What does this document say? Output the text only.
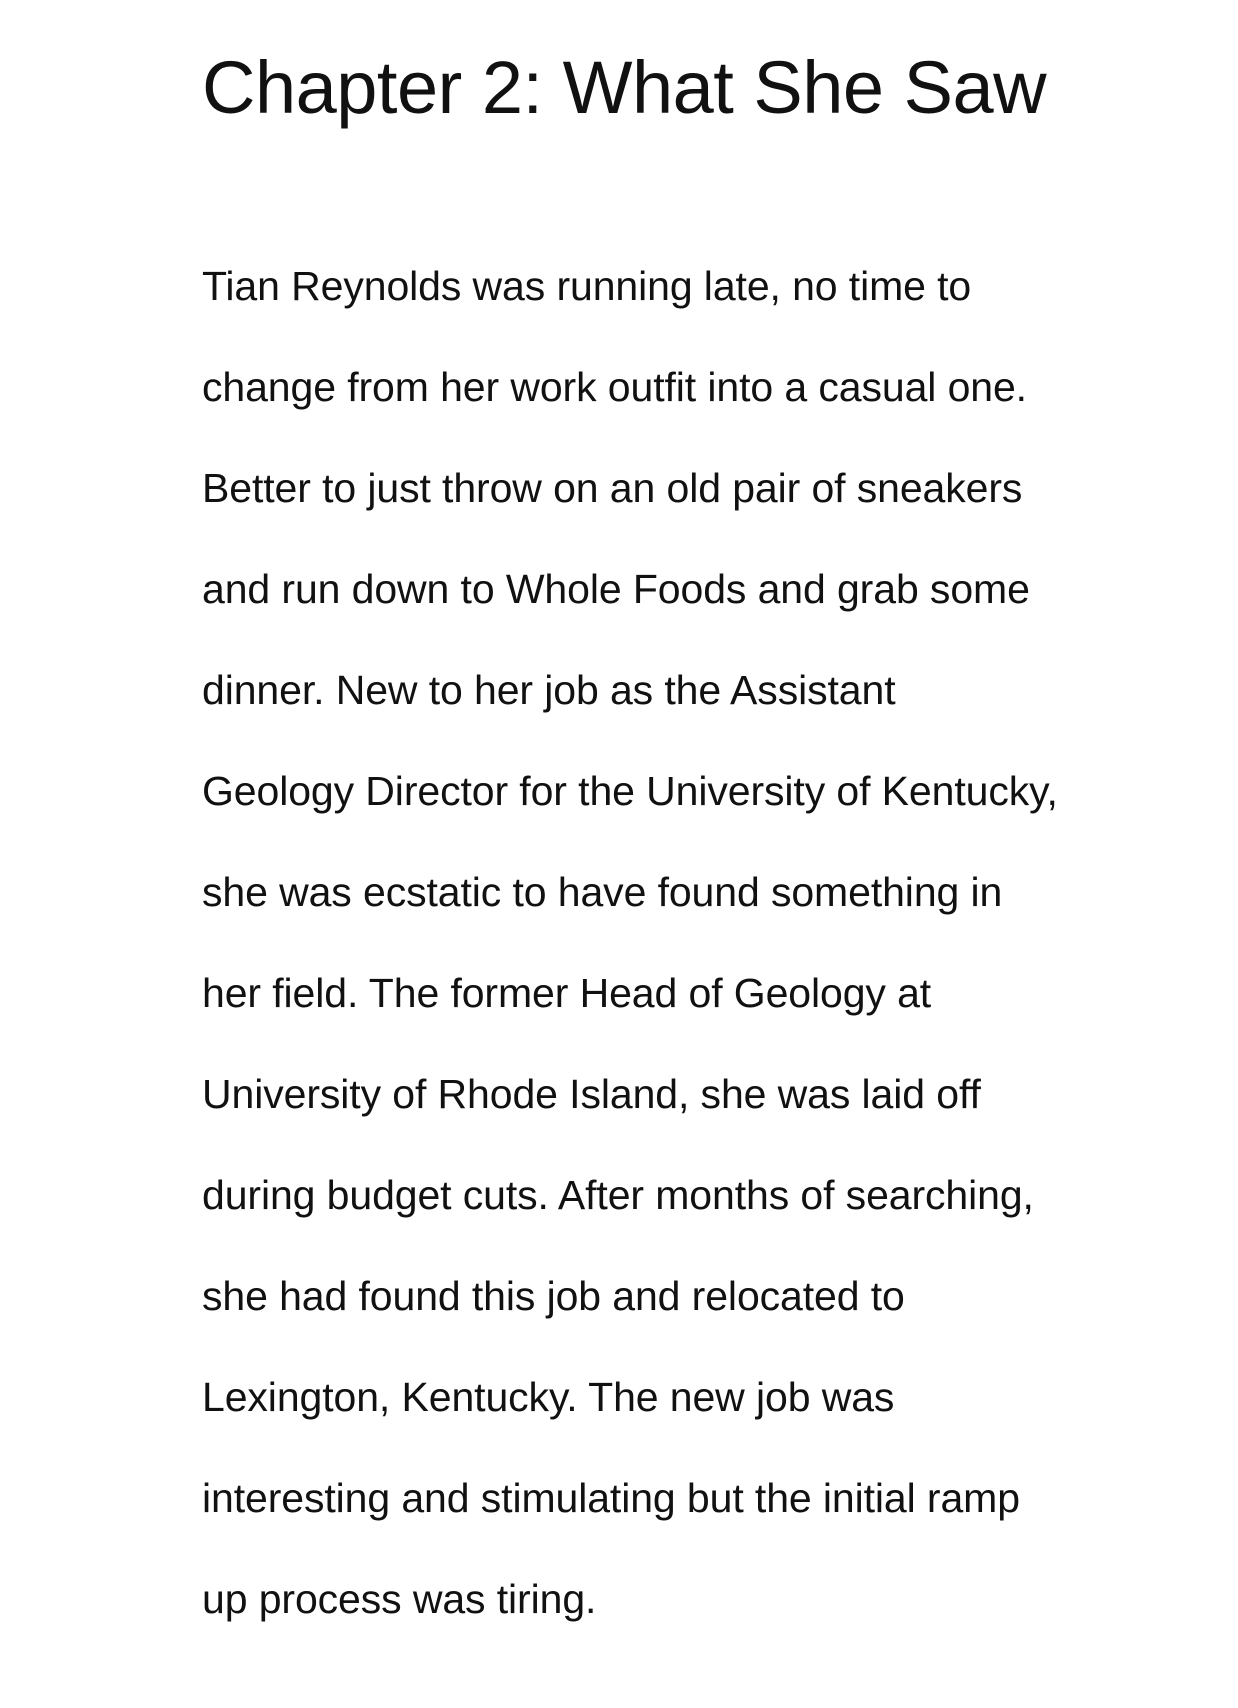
Chapter 2: What She Saw
Tian Reynolds was running late, no time to
change from her work outfit into a casual one.
Better to just throw on an old pair of sneakers
and run down to Whole Foods and grab some
dinner. New to her job as the Assistant
Geology Director for the University of Kentucky,
she was ecstatic to have found something in
her field. The former Head of Geology at
University of Rhode Island, she was laid off
during budget cuts. After months of searching,
she had found this job and relocated to
Lexington, Kentucky. The new job was
interesting and stimulating but the initial ramp
up process was tiring.
